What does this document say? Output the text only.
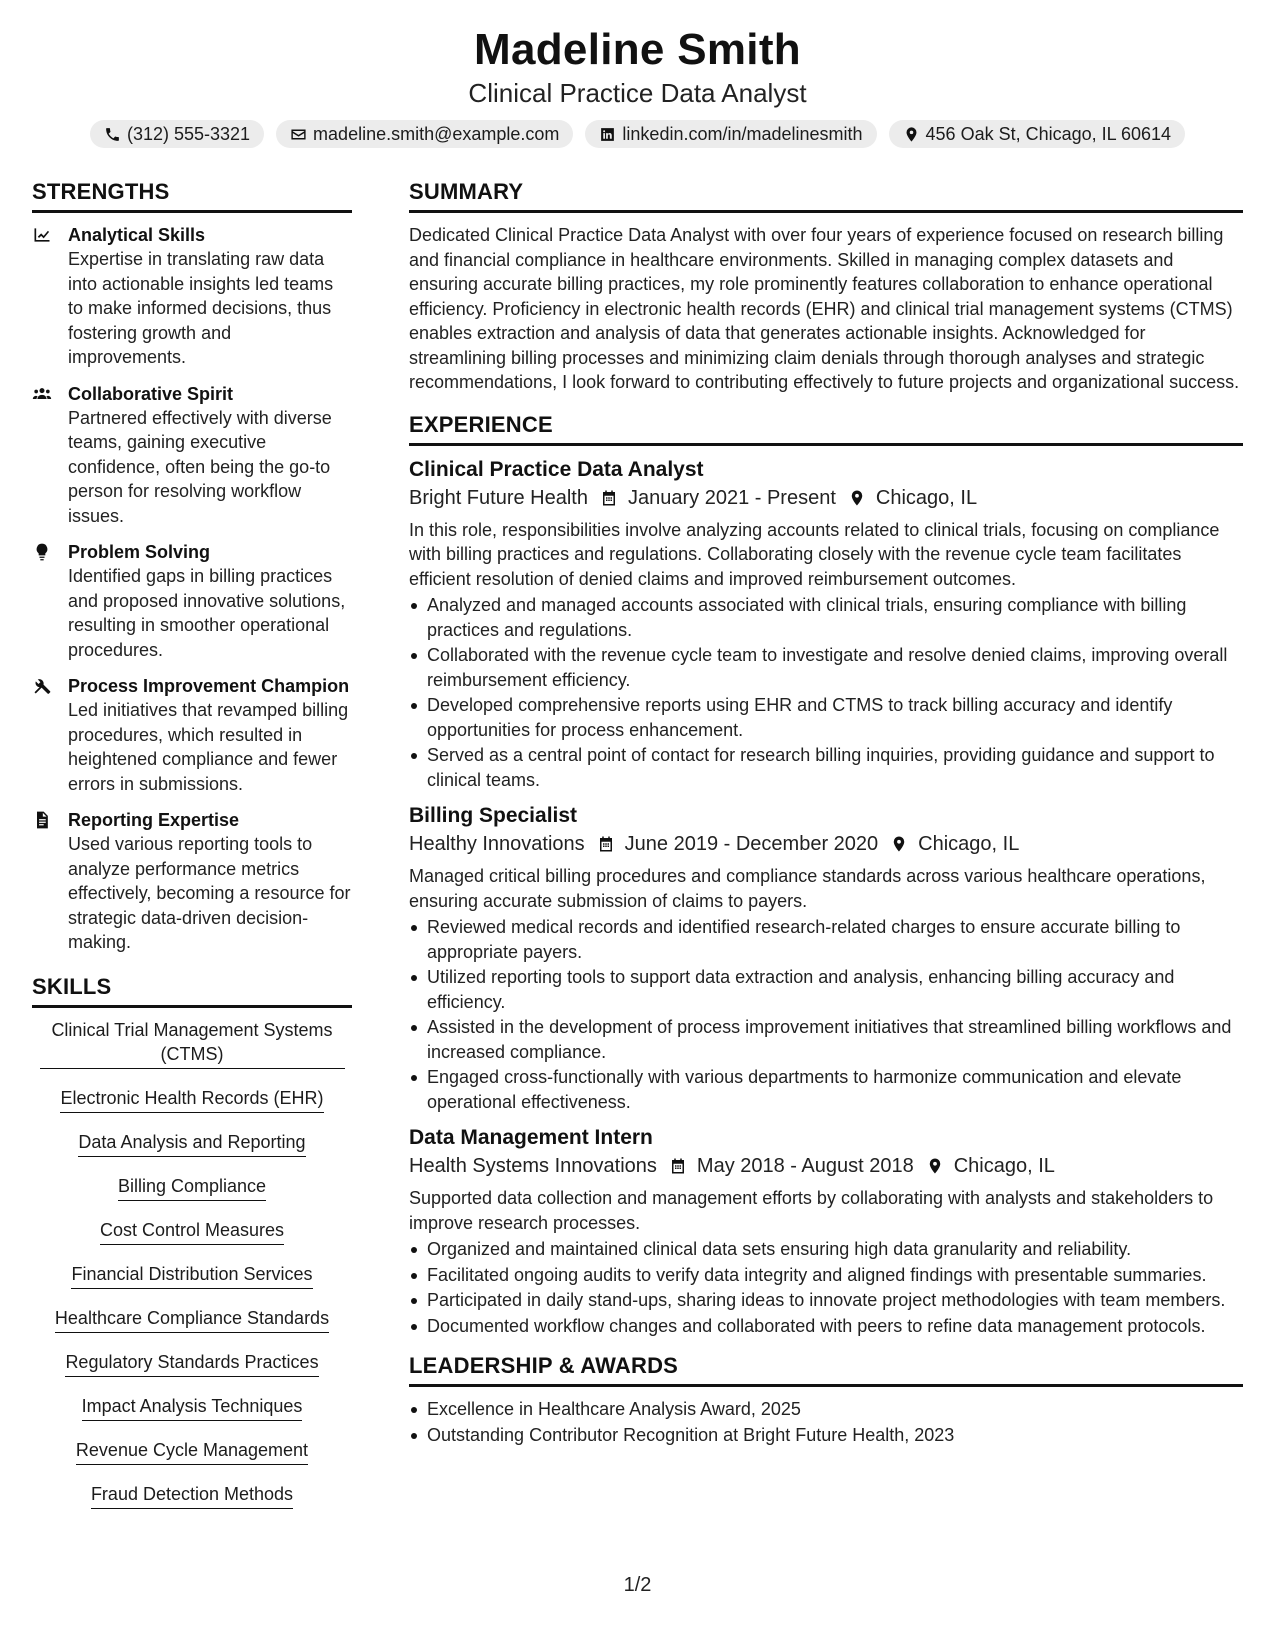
Madeline Smith
Clinical Practice Data Analyst
(312) 555-3321	madeline.smith@example.com	linkedin.com/in/madelinesmith	456 Oak St, Chicago, IL 60614
STRENGTHS
Analytical Skills
Expertise in translating raw data into actionable insights led teams to make informed decisions, thus fostering growth and improvements.
Collaborative Spirit
Partnered effectively with diverse teams, gaining executive confidence, often being the go-to person for resolving workflow issues.
Problem Solving
Identified gaps in billing practices and proposed innovative solutions, resulting in smoother operational procedures.
Process Improvement Champion
Led initiatives that revamped billing procedures, which resulted in heightened compliance and fewer errors in submissions.
Reporting Expertise
Used various reporting tools to analyze performance metrics effectively, becoming a resource for strategic data-driven decision-making.
SKILLS
Clinical Trial Management Systems (CTMS)
Electronic Health Records (EHR)
Data Analysis and Reporting
Billing Compliance
Cost Control Measures
Financial Distribution Services
Healthcare Compliance Standards
Regulatory Standards Practices
Impact Analysis Techniques
Revenue Cycle Management
Fraud Detection Methods
SUMMARY
Dedicated Clinical Practice Data Analyst with over four years of experience focused on research billing and financial compliance in healthcare environments. Skilled in managing complex datasets and ensuring accurate billing practices, my role prominently features collaboration to enhance operational efficiency. Proficiency in electronic health records (EHR) and clinical trial management systems (CTMS) enables extraction and analysis of data that generates actionable insights. Acknowledged for streamlining billing processes and minimizing claim denials through thorough analyses and strategic recommendations, I look forward to contributing effectively to future projects and organizational success.
EXPERIENCE
Clinical Practice Data Analyst
Bright Future Health January 2021 - Present Chicago, IL
In this role, responsibilities involve analyzing accounts related to clinical trials, focusing on compliance with billing practices and regulations. Collaborating closely with the revenue cycle team facilitates efficient resolution of denied claims and improved reimbursement outcomes.
Analyzed and managed accounts associated with clinical trials, ensuring compliance with billing practices and regulations.
Collaborated with the revenue cycle team to investigate and resolve denied claims, improving overall reimbursement efficiency.
Developed comprehensive reports using EHR and CTMS to track billing accuracy and identify opportunities for process enhancement.
Served as a central point of contact for research billing inquiries, providing guidance and support to clinical teams.
Billing Specialist
Healthy Innovations June 2019 - December 2020 Chicago, IL
Managed critical billing procedures and compliance standards across various healthcare operations, ensuring accurate submission of claims to payers.
Reviewed medical records and identified research-related charges to ensure accurate billing to appropriate payers.
Utilized reporting tools to support data extraction and analysis, enhancing billing accuracy and efficiency.
Assisted in the development of process improvement initiatives that streamlined billing workflows and increased compliance.
Engaged cross-functionally with various departments to harmonize communication and elevate operational effectiveness.
Data Management Intern
Health Systems Innovations May 2018 - August 2018 Chicago, IL
Supported data collection and management efforts by collaborating with analysts and stakeholders to improve research processes.
Organized and maintained clinical data sets ensuring high data granularity and reliability.
Facilitated ongoing audits to verify data integrity and aligned findings with presentable summaries.
Participated in daily stand-ups, sharing ideas to innovate project methodologies with team members.
Documented workflow changes and collaborated with peers to refine data management protocols.
LEADERSHIP & AWARDS
Excellence in Healthcare Analysis Award, 2025
Outstanding Contributor Recognition at Bright Future Health, 2023
1/2
